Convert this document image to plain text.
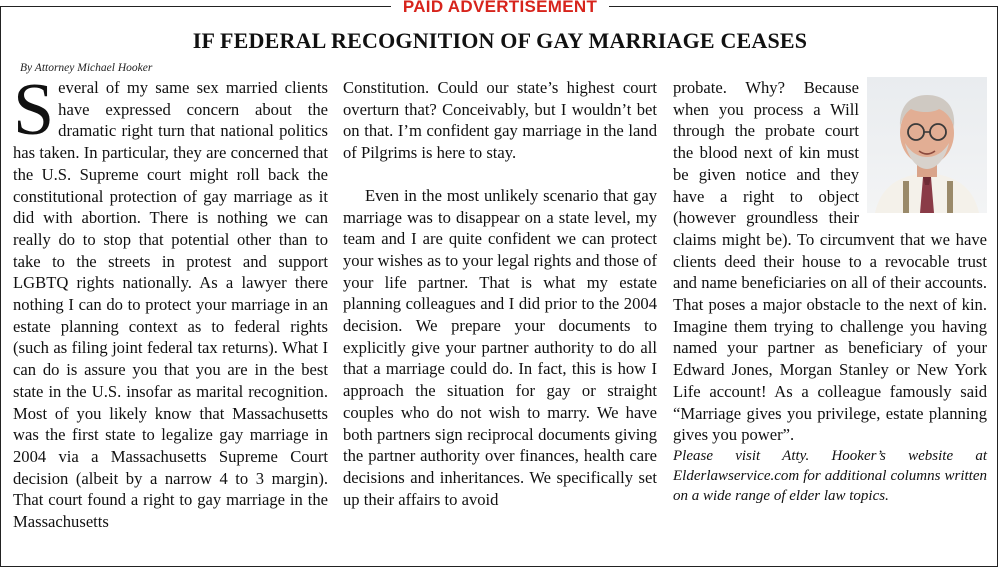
PAID ADVERTISEMENT
IF FEDERAL RECOGNITION OF GAY MARRIAGE CEASES
By Attorney Michael Hooker

Several of my same sex married clients have expressed concern about the dramatic right turn that national politics has taken. In particular, they are concerned that the U.S. Supreme court might roll back the constitutional protection of gay marriage as it did with abortion. There is nothing we can really do to stop that potential other than to take to the streets in protest and support LGBTQ rights nationally. As a lawyer there nothing I can do to protect your marriage in an estate planning context as to federal rights (such as filing joint federal tax returns). What I can do is assure you that you are in the best state in the U.S. insofar as marital recognition. Most of you likely know that Massachusetts was the first state to legalize gay marriage in 2004 via a Massachusetts Supreme Court decision (albeit by a narrow 4 to 3 margin). That court found a right to gay marriage in the Massachusetts

Constitution. Could our state’s highest court overturn that? Conceivably, but I wouldn’t bet on that. I’m confident gay marriage in the land of Pilgrims is here to stay.

Even in the most unlikely scenario that gay marriage was to disappear on a state level, my team and I are quite confident we can protect your wishes as to your legal rights and those of your life partner. That is what my estate planning colleagues and I did prior to the 2004 decision. We prepare your documents to explicitly give your partner authority to do all that a marriage could do. In fact, this is how I approach the situation for gay or straight couples who do not wish to marry. We have both partners sign reciprocal documents giving the partner authority over finances, health care decisions and inheritances. We specifically set up their affairs to avoid

probate. Why? Because when you process a Will through the probate court the blood next of kin must be given notice and they have a right to object (however groundless their claims might be). To circumvent that we have clients deed their house to a revocable trust and name beneficiaries on all of their accounts. That poses a major obstacle to the next of kin. Imagine them trying to challenge you having named your partner as beneficiary of your Edward Jones, Morgan Stanley or New York Life account! As a colleague famously said “Marriage gives you privilege, estate planning gives you power”.

Please visit Atty. Hooker’s website at Elderlawservice.com for additional columns written on a wide range of elder law topics.
